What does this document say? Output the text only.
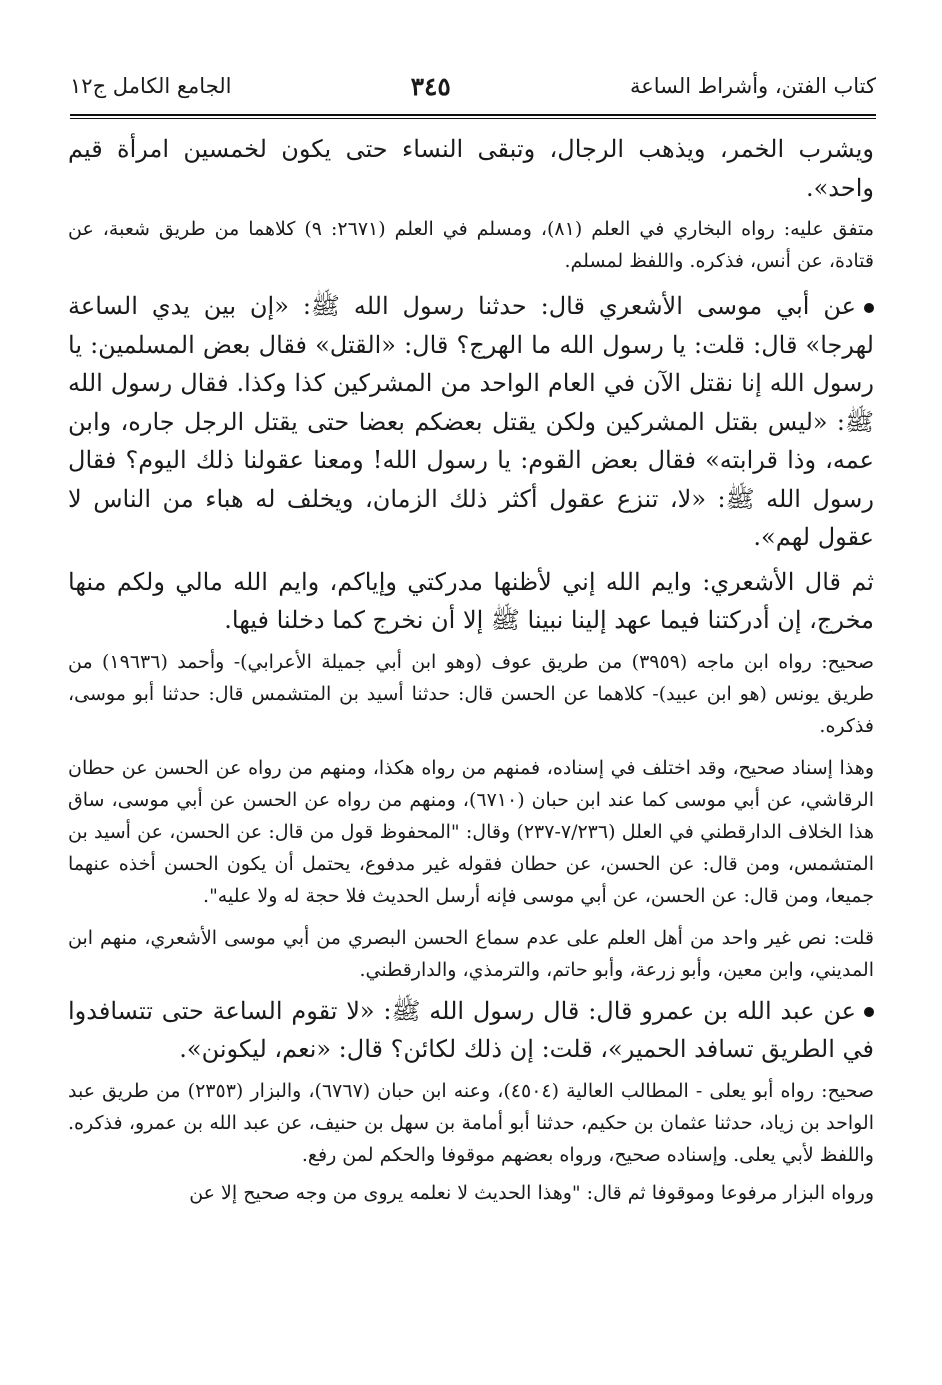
كتاب الفتن، وأشراط الساعة
٣٤٥
الجامع الكامل ج١٢

ويشرب الخمر، ويذهب الرجال، وتبقى النساء حتى يكون لخمسين امرأة قيم واحد».

متفق عليه: رواه البخاري في العلم (٨١)، ومسلم في العلم (٢٦٧١: ٩) كلاهما من طريق شعبة، عن قتادة، عن أنس، فذكره. واللفظ لمسلم.

عن أبي موسى الأشعري قال: حدثنا رسول الله ﷺ: «إن بين يدي الساعة لهرجا» قال: قلت: يا رسول الله ما الهرج؟ قال: «القتل» فقال بعض المسلمين: يا رسول الله إنا نقتل الآن في العام الواحد من المشركين كذا وكذا. فقال رسول الله ﷺ: «ليس بقتل المشركين ولكن يقتل بعضكم بعضا حتى يقتل الرجل جاره، وابن عمه، وذا قرابته» فقال بعض القوم: يا رسول الله! ومعنا عقولنا ذلك اليوم؟ فقال رسول الله ﷺ: «لا، تنزع عقول أكثر ذلك الزمان، ويخلف له هباء من الناس لا عقول لهم».

ثم قال الأشعري: وايم الله إني لأظنها مدركتي وإياكم، وايم الله مالي ولكم منها مخرج، إن أدركتنا فيما عهد إلينا نبينا ﷺ إلا أن نخرج كما دخلنا فيها.

صحيح: رواه ابن ماجه (٣٩٥٩) من طريق عوف (وهو ابن أبي جميلة الأعرابي)- وأحمد (١٩٦٣٦) من طريق يونس (هو ابن عبيد)- كلاهما عن الحسن قال: حدثنا أسيد بن المتشمس قال: حدثنا أبو موسى، فذكره.

وهذا إسناد صحيح، وقد اختلف في إسناده، فمنهم من رواه هكذا، ومنهم من رواه عن الحسن عن حطان الرقاشي، عن أبي موسى كما عند ابن حبان (٦٧١٠)، ومنهم من رواه عن الحسن عن أبي موسى، ساق هذا الخلاف الدارقطني في العلل (٧/٢٣٦-٢٣٧) وقال: "المحفوظ قول من قال: عن الحسن، عن أسيد بن المتشمس، ومن قال: عن الحسن، عن حطان فقوله غير مدفوع، يحتمل أن يكون الحسن أخذه عنهما جميعا، ومن قال: عن الحسن، عن أبي موسى فإنه أرسل الحديث فلا حجة له ولا عليه".

قلت: نص غير واحد من أهل العلم على عدم سماع الحسن البصري من أبي موسى الأشعري، منهم ابن المديني، وابن معين، وأبو زرعة، وأبو حاتم، والترمذي، والدارقطني.

عن عبد الله بن عمرو قال: قال رسول الله ﷺ: «لا تقوم الساعة حتى تتسافدوا في الطريق تسافد الحمير»، قلت: إن ذلك لكائن؟ قال: «نعم، ليكونن».

صحيح: رواه أبو يعلى - المطالب العالية (٤٥٠٤)، وعنه ابن حبان (٦٧٦٧)، والبزار (٢٣٥٣) من طريق عبد الواحد بن زياد، حدثنا عثمان بن حكيم، حدثنا أبو أمامة بن سهل بن حنيف، عن عبد الله بن عمرو، فذكره. واللفظ لأبي يعلى. وإسناده صحيح، ورواه بعضهم موقوفا والحكم لمن رفع.

ورواه البزار مرفوعا وموقوفا ثم قال: "وهذا الحديث لا نعلمه يروى من وجه صحيح إلا عن
